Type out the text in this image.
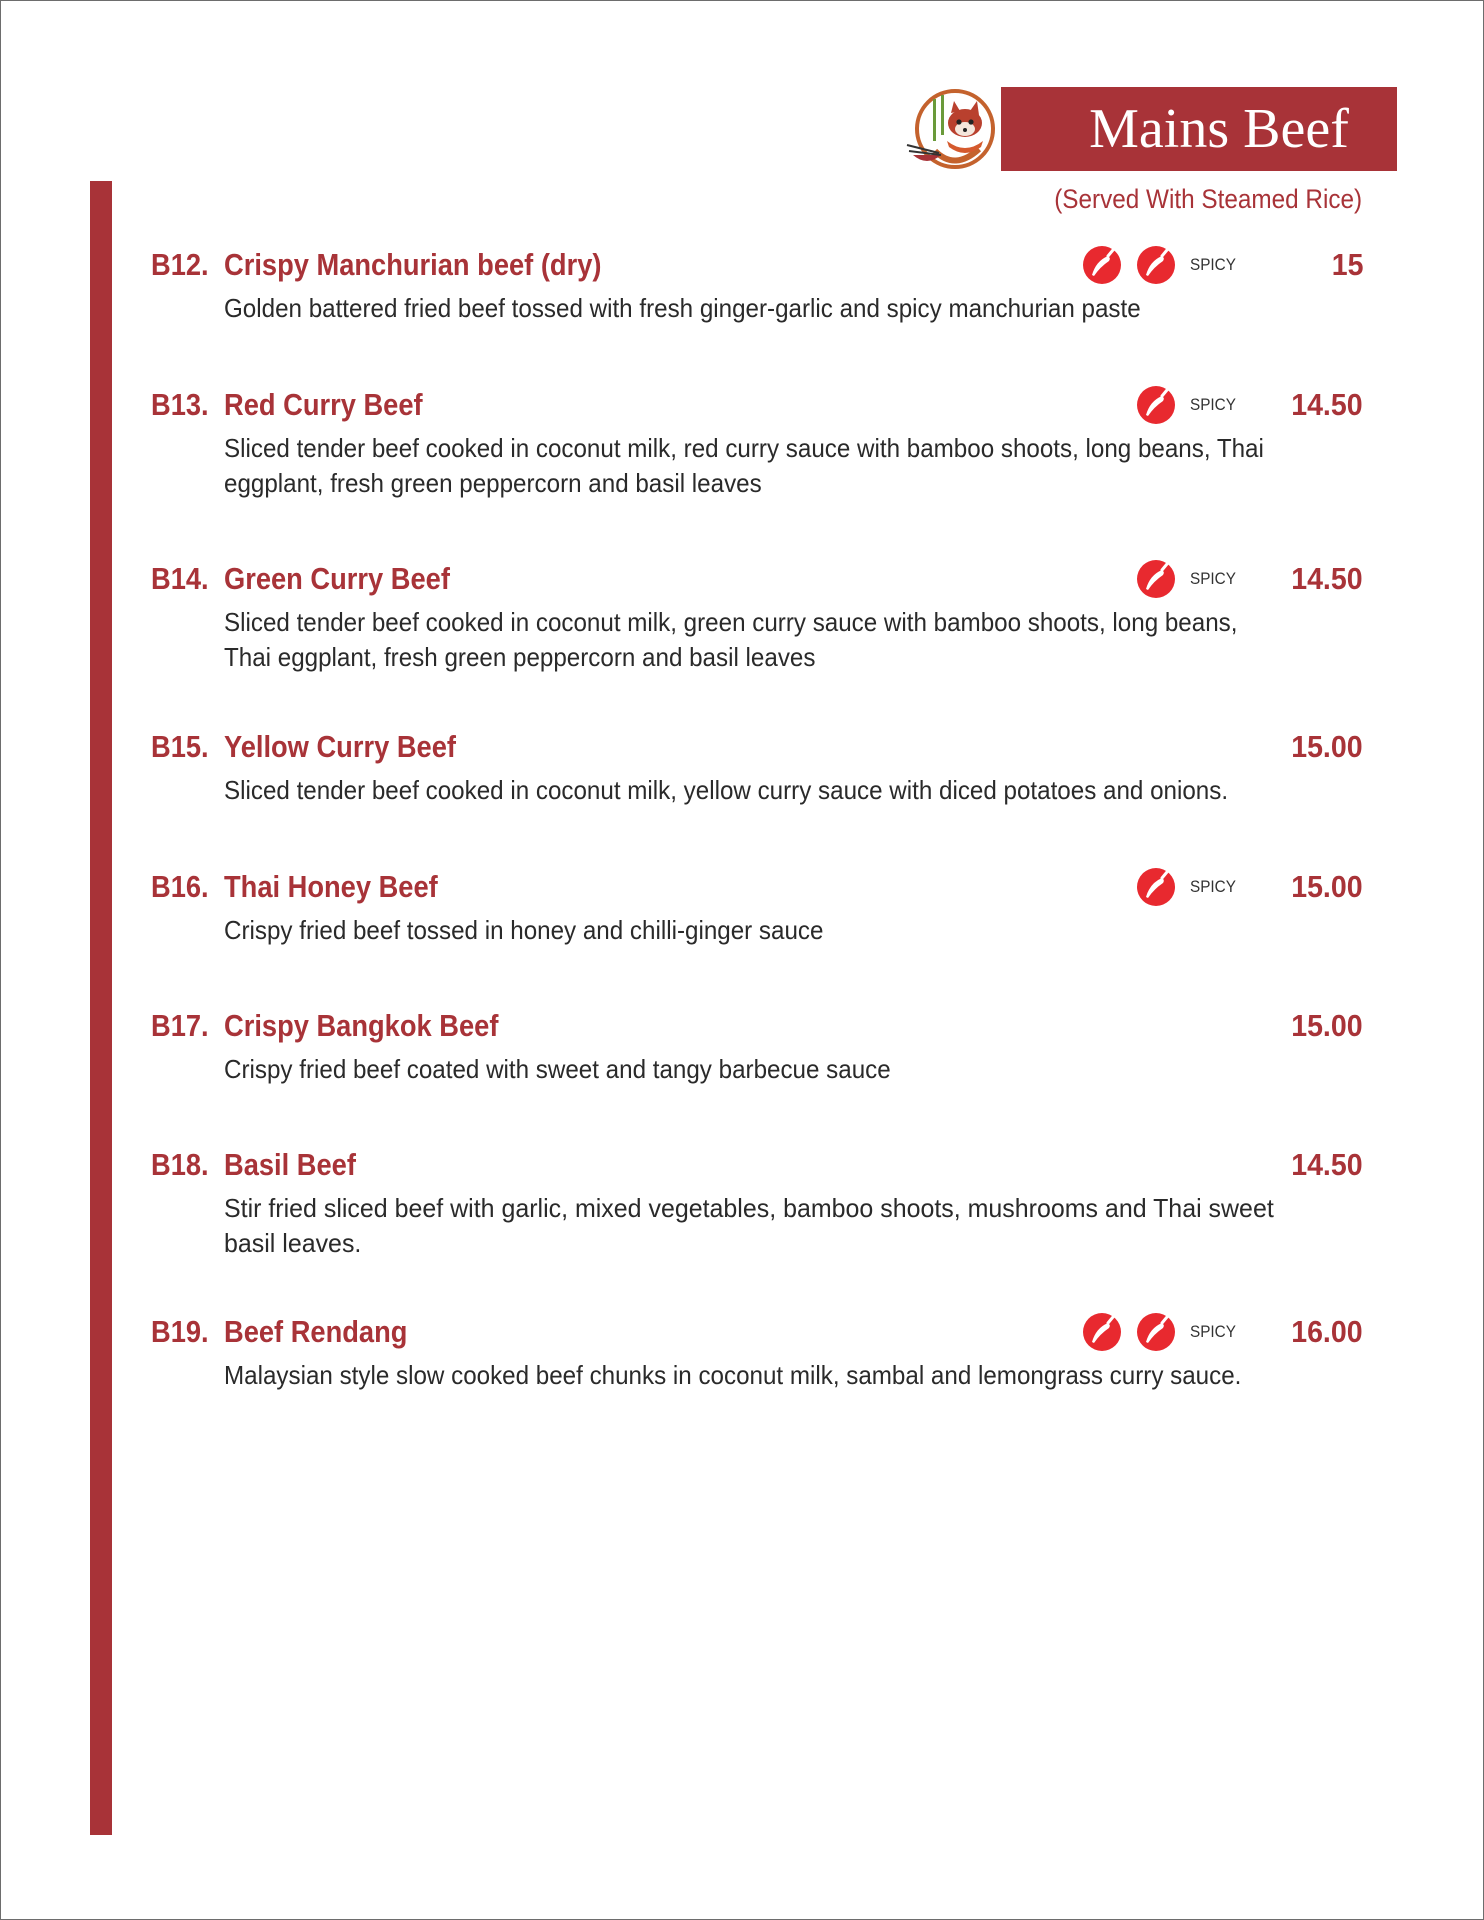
Mains Beef
(Served With Steamed Rice)
B12. Crispy Manchurian beef (dry)	SPICY	15
Golden battered fried beef tossed with fresh ginger-garlic and spicy manchurian paste
B13. Red Curry Beef	SPICY 14.50
Sliced tender beef cooked in coconut milk, red curry sauce with bamboo shoots, long beans, Thai eggplant, fresh green peppercorn and basil leaves
B14. Green Curry Beef	SPICY 14.50
Sliced tender beef cooked in coconut milk, green curry sauce with bamboo shoots, long beans, Thai eggplant, fresh green peppercorn and basil leaves
B15. Yellow Curry Beef	15.00
Sliced tender beef cooked in coconut milk, yellow curry sauce with diced potatoes and onions.
B16. Thai Honey Beef	SPICY 15.00
Crispy fried beef tossed in honey and chilli-ginger sauce
B17. Crispy Bangkok Beef	15.00
Crispy fried beef coated with sweet and tangy barbecue sauce
B18. Basil Beef	14.50
Stir fried sliced beef with garlic, mixed vegetables, bamboo shoots, mushrooms and Thai sweet basil leaves.
B19. Beef Rendang	SPICY 16.00
Malaysian style slow cooked beef chunks in coconut milk, sambal and lemongrass curry sauce.
